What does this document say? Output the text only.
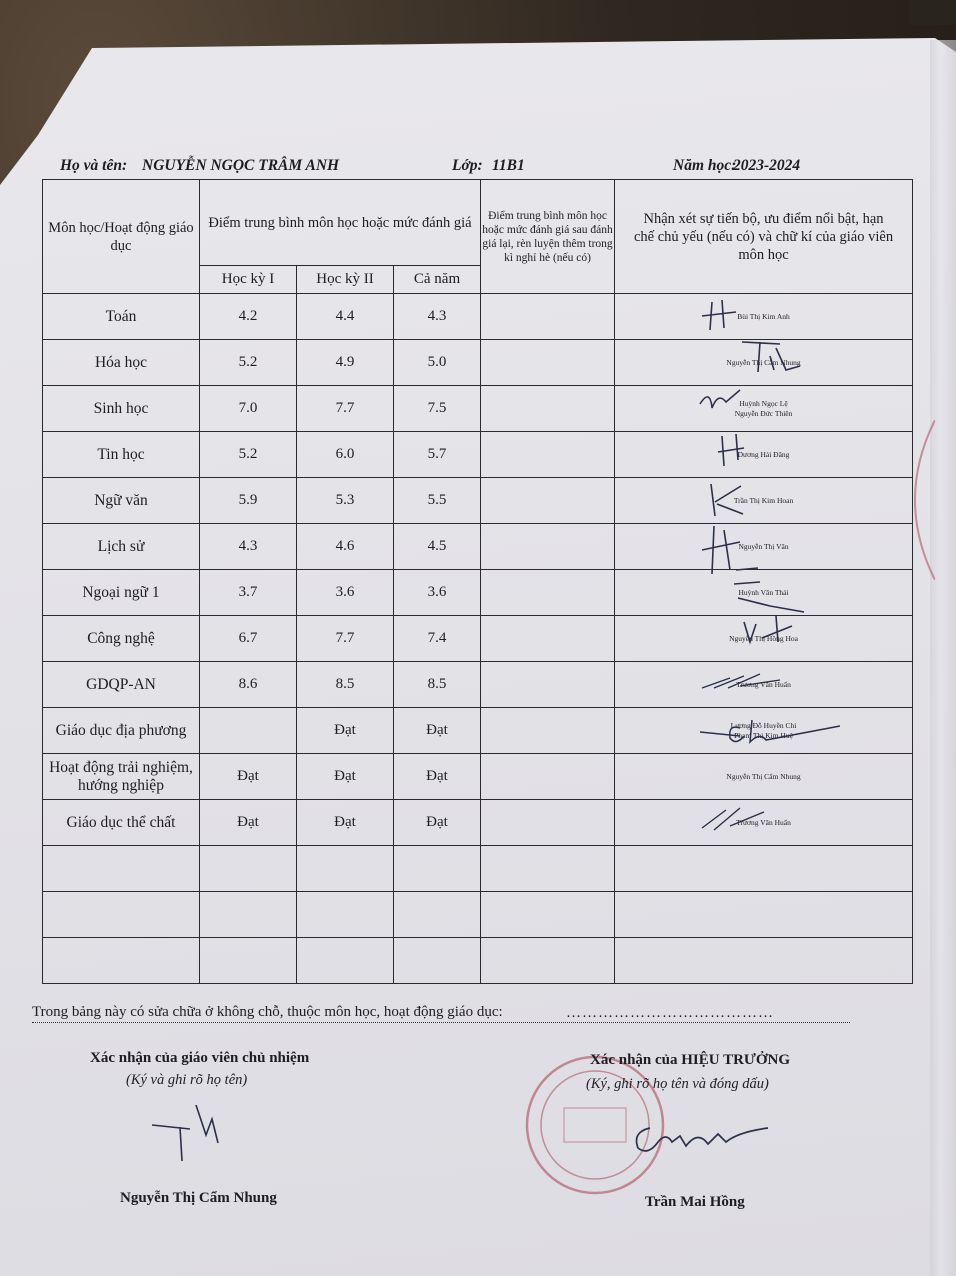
Họ và tên: NGUYỄN NGỌC TRÂM ANH	Lớp: 11B1	Năm học:
2023-2024
Môn học/Hoạt động giáo dục	Điểm trung bình môn học hoặc mức đánh giá			Điểm trung bình môn học hoặc mức đánh giá sau đánh giá lại, rèn luyện thêm trong kì nghỉ hè (nếu có)	Nhận xét sự tiến bộ, ưu điểm nổi bật, hạn chế chủ yếu (nếu có) và chữ kí của giáo viên môn học
	Học kỳ I	Học kỳ II	Cả năm		
Toán	4.2	4.4	4.3		Bùi Thị Kim Anh

Hóa học	5.2	4.9	5.0		Nguyễn Thị Cẩm Nhung

Sinh học	7.0	7.7	7.5		Huỳnh Ngọc Lệ
Nguyễn Đức Thiên

Tin học	5.2	6.0	5.7		Dương Hải Đăng

Ngữ văn	5.9	5.3	5.5		Trần Thị Kim Hoan

Lịch sử	4.3	4.6	4.5		Nguyễn Thị Vân

Ngoại ngữ 1	3.7	3.6	3.6		Huỳnh Văn Thái

Công nghệ	6.7	7.7	7.4		Nguyễn Thị Hồng Hoa

GDQP-AN	8.6	8.5	8.5		Trương Văn Huấn

Giáo dục địa phương		Đạt	Đạt		Lương Đỗ Huyền Chi
Phạm Thị Kim Huệ

Hoạt động trải nghiệm, hướng nghiệp	Đạt	Đạt	Đạt		Nguyễn Thị Cẩm Nhung

Giáo dục thể chất	Đạt	Đạt	Đạt		Trương Văn Huấn

Trong bảng này có sửa chữa ở không chỗ, thuộc môn học, hoạt động giáo dục:	…………………………………
Xác nhận của giáo viên chủ nhiệm
(Ký và ghi rõ họ tên)
Nguyễn Thị Cẩm Nhung
Xác nhận của HIỆU TRƯỞNG
(Ký, ghi rõ họ tên và đóng dấu)
Trần Mai Hồng
